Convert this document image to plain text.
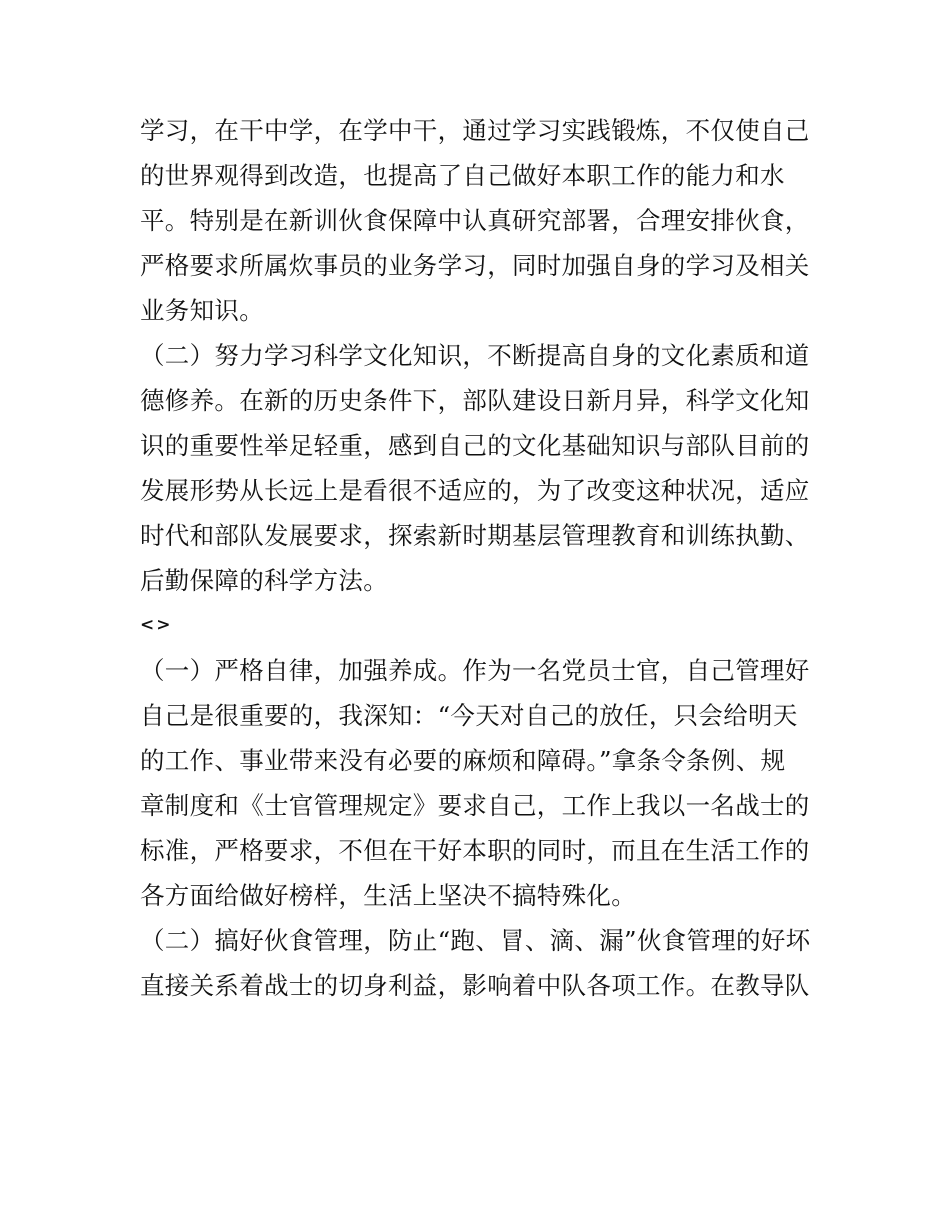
学习，在干中学，在学中干，通过学习实践锻炼，不仅使自己
的世界观得到改造，也提高了自己做好本职工作的能力和水
平。特别是在新训伙食保障中认真研究部署，合理安排伙食，
严格要求所属炊事员的业务学习，同时加强自身的学习及相关
业务知识。
（二）努力学习科学文化知识，不断提高自身的文化素质和道
德修养。在新的历史条件下，部队建设日新月异，科学文化知
识的重要性举足轻重，感到自己的文化基础知识与部队目前的
发展形势从长远上是看很不适应的，为了改变这种状况，适应
时代和部队发展要求，探索新时期基层管理教育和训练执勤、
后勤保障的科学方法。
<>
（一）严格自律，加强养成。作为一名党员士官，自己管理好
自己是很重要的，我深知：“今天对自己的放任，只会给明天
的工作、事业带来没有必要的麻烦和障碍。”拿条令条例、规
章制度和《士官管理规定》要求自己，工作上我以一名战士的
标准，严格要求，不但在干好本职的同时，而且在生活工作的
各方面给做好榜样，生活上坚决不搞特殊化。
（二）搞好伙食管理，防止“跑、冒、滴、漏”伙食管理的好坏
直接关系着战士的切身利益，影响着中队各项工作。在教导队
